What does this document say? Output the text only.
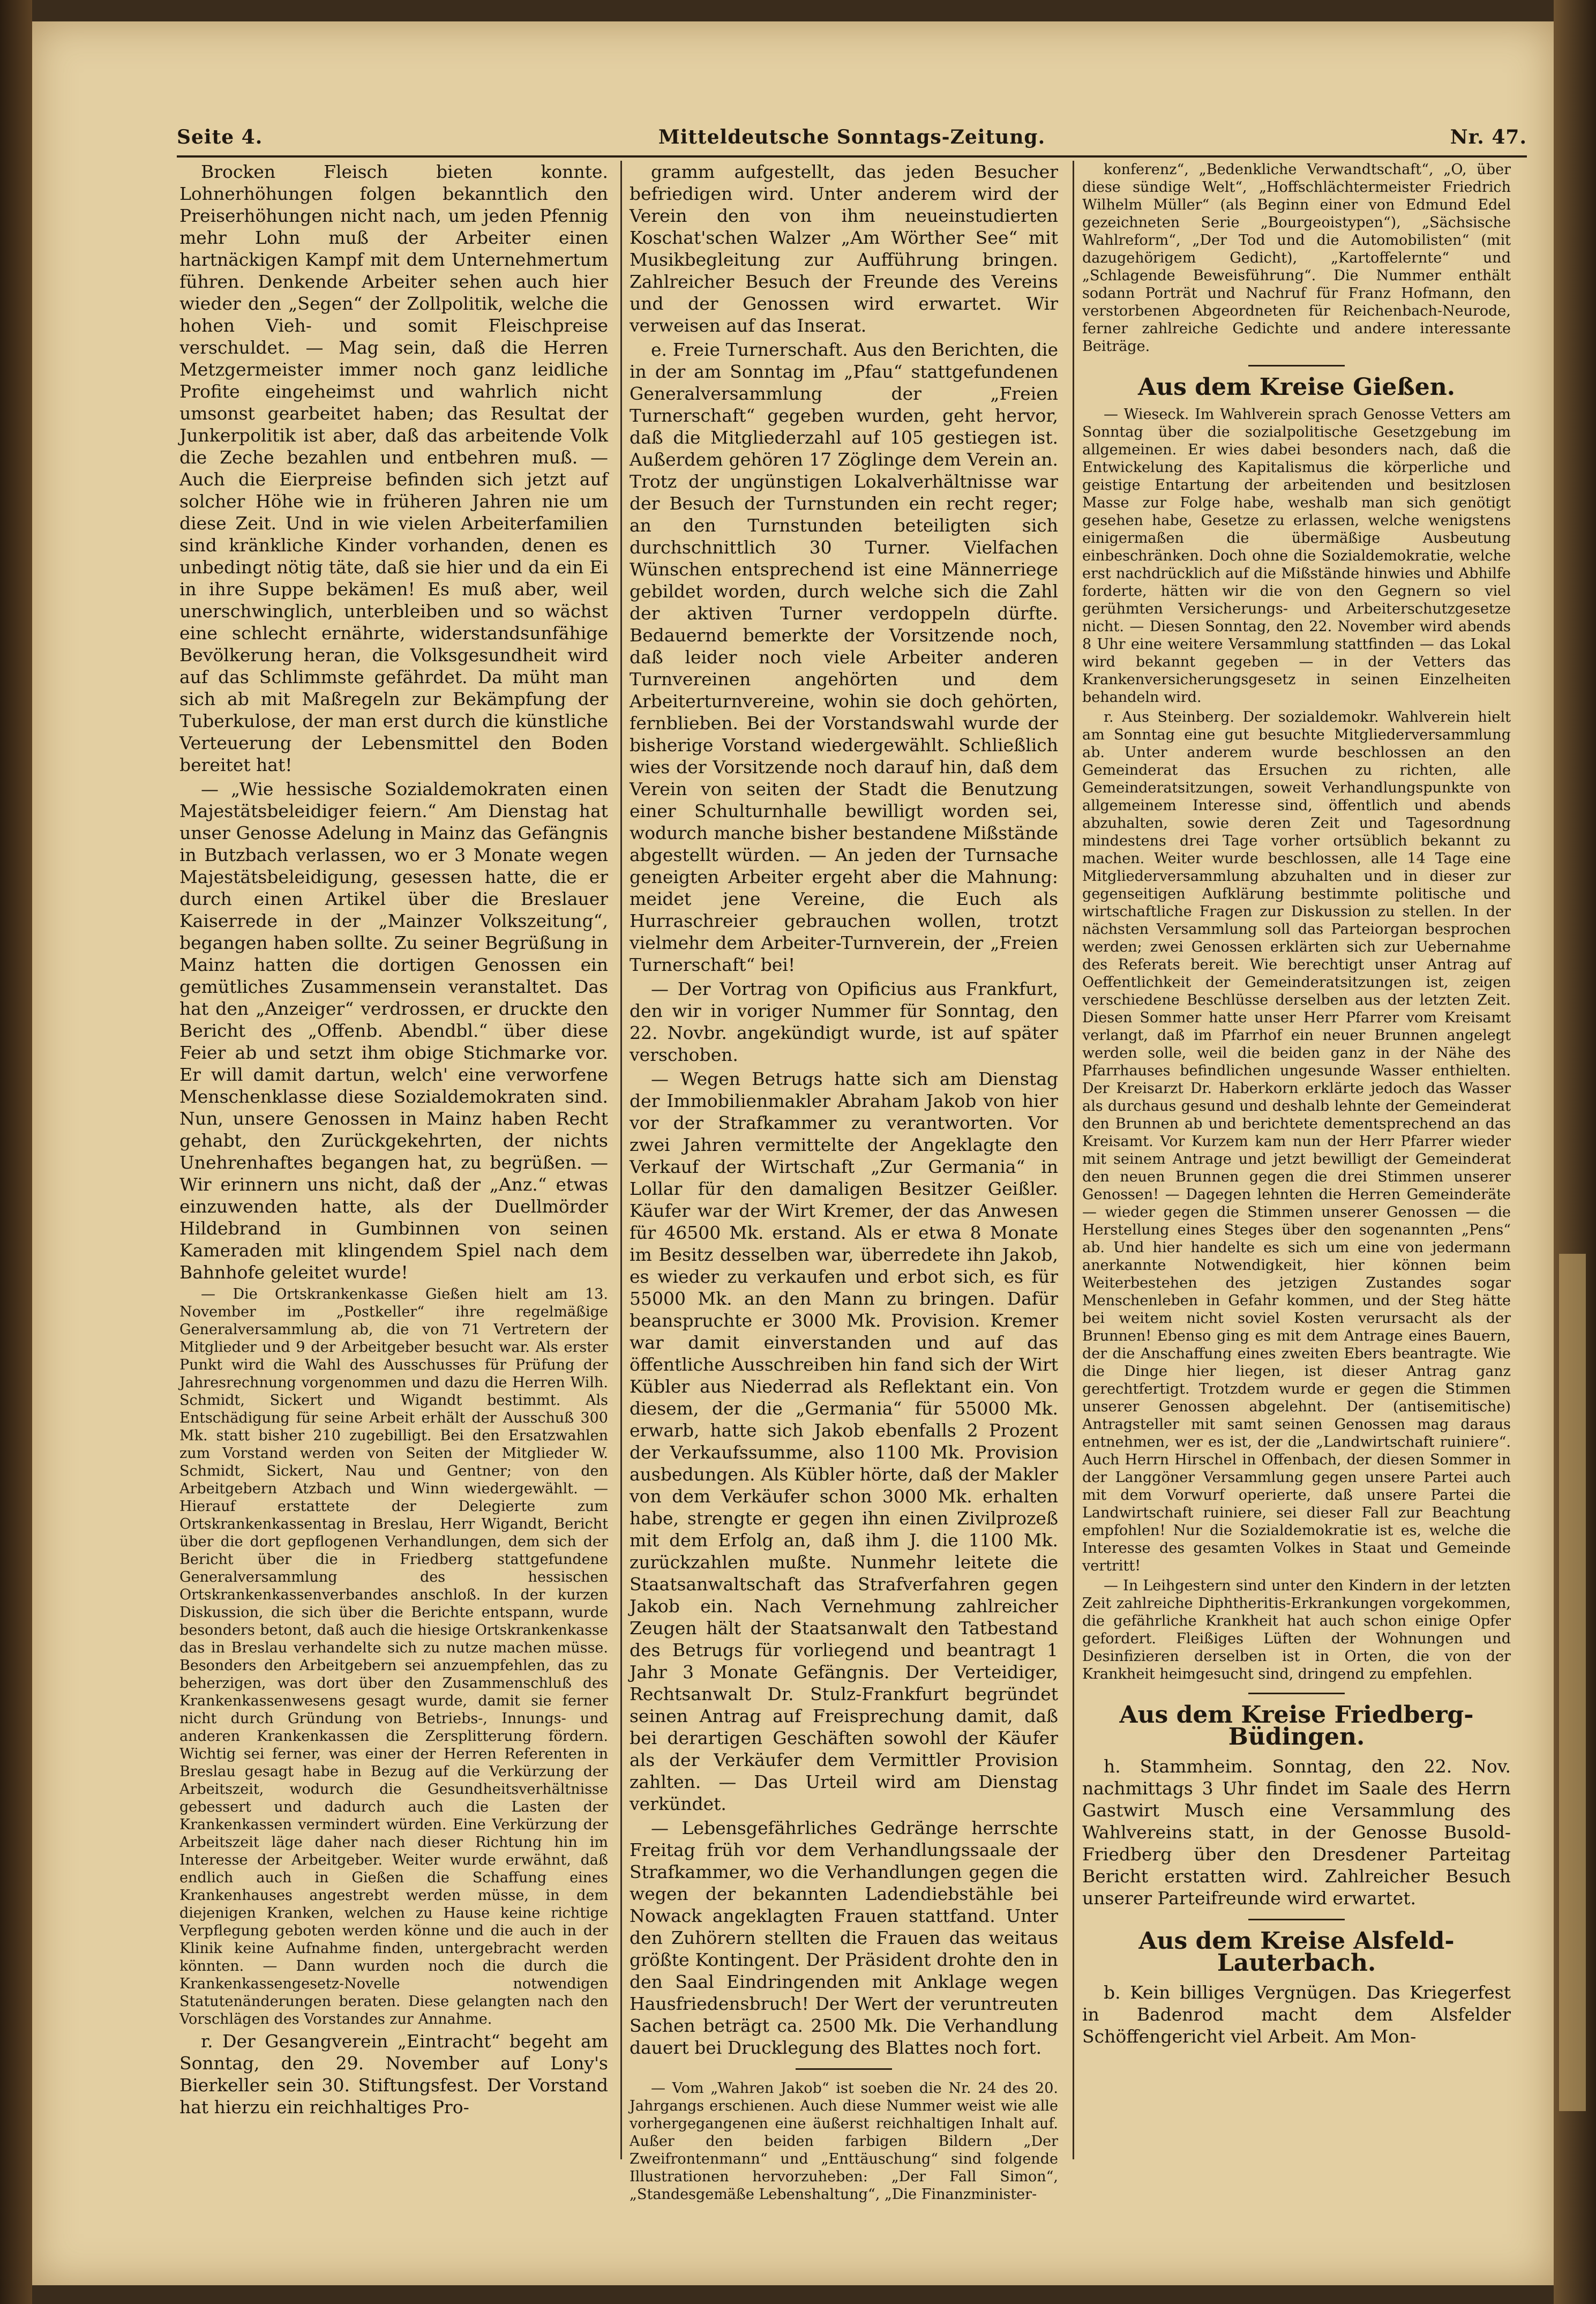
Seite 4.	Mitteldeutsche Sonntags-Zeitung.	Nr. 47.

Brocken Fleisch bieten konnte. Lohnerhöhungen folgen bekanntlich den Preiserhöhungen nicht nach, um jeden Pfennig mehr Lohn muß der Arbeiter einen hartnäckigen Kampf mit dem Unternehmertum führen. Denkende Arbeiter sehen auch hier wieder den „Segen“ der Zollpolitik, welche die hohen Vieh- und somit Fleischpreise verschuldet. — Mag sein, daß die Herren Metzgermeister immer noch ganz leidliche Profite eingeheimst und wahrlich nicht umsonst gearbeitet haben; das Resultat der Junkerpolitik ist aber, daß das arbeitende Volk die Zeche bezahlen und entbehren muß. — Auch die Eierpreise befinden sich jetzt auf solcher Höhe wie in früheren Jahren nie um diese Zeit. Und in wie vielen Arbeiterfamilien sind kränkliche Kinder vorhanden, denen es unbedingt nötig täte, daß sie hier und da ein Ei in ihre Suppe bekämen! Es muß aber, weil unerschwinglich, unterbleiben und so wächst eine schlecht ernährte, widerstandsunfähige Bevölkerung heran, die Volksgesundheit wird auf das Schlimmste gefährdet. Da müht man sich ab mit Maßregeln zur Bekämpfung der Tuberkulose, der man erst durch die künstliche Verteuerung der Lebensmittel den Boden bereitet hat!

— „Wie hessische Sozialdemokraten einen Majestätsbeleidiger feiern.“ Am Dienstag hat unser Genosse Adelung in Mainz das Gefängnis in Butzbach verlassen, wo er 3 Monate wegen Majestätsbeleidigung, gesessen hatte, die er durch einen Artikel über die Breslauer Kaiserrede in der „Mainzer Volkszeitung“, begangen haben sollte. Zu seiner Begrüßung in Mainz hatten die dortigen Genossen ein gemütliches Zusammensein veranstaltet. Das hat den „Anzeiger“ verdrossen, er druckte den Bericht des „Offenb. Abendbl.“ über diese Feier ab und setzt ihm obige Stichmarke vor. Er will damit dartun, welch' eine verworfene Menschenklasse diese Sozialdemokraten sind. Nun, unsere Genossen in Mainz haben Recht gehabt, den Zurückgekehrten, der nichts Unehrenhaftes begangen hat, zu begrüßen. — Wir erinnern uns nicht, daß der „Anz.“ etwas einzuwenden hatte, als der Duellmörder Hildebrand in Gumbinnen von seinen Kameraden mit klingendem Spiel nach dem Bahnhofe geleitet wurde!

— Die Ortskrankenkasse Gießen hielt am 13. November im „Postkeller“ ihre regelmäßige Generalversammlung ab, die von 71 Vertretern der Mitglieder und 9 der Arbeitgeber besucht war. Als erster Punkt wird die Wahl des Ausschusses für Prüfung der Jahresrechnung vorgenommen und dazu die Herren Wilh. Schmidt, Sickert und Wigandt bestimmt. Als Entschädigung für seine Arbeit erhält der Ausschuß 300 Mk. statt bisher 210 zugebilligt. Bei den Ersatzwahlen zum Vorstand werden von Seiten der Mitglieder W. Schmidt, Sickert, Nau und Gentner; von den Arbeitgebern Atzbach und Winn wiedergewählt. — Hierauf erstattete der Delegierte zum Ortskrankenkassentag in Breslau, Herr Wigandt, Bericht über die dort gepflogenen Verhandlungen, dem sich der Bericht über die in Friedberg stattgefundene Generalversammlung des hessischen Ortskrankenkassenverbandes anschloß. In der kurzen Diskussion, die sich über die Berichte entspann, wurde besonders betont, daß auch die hiesige Ortskrankenkasse das in Breslau verhandelte sich zu nutze machen müsse. Besonders den Arbeitgebern sei anzuempfehlen, das zu beherzigen, was dort über den Zusammenschluß des Krankenkassenwesens gesagt wurde, damit sie ferner nicht durch Gründung von Betriebs-, Innungs- und anderen Krankenkassen die Zersplitterung fördern. Wichtig sei ferner, was einer der Herren Referenten in Breslau gesagt habe in Bezug auf die Verkürzung der Arbeitszeit, wodurch die Gesundheitsverhältnisse gebessert und dadurch auch die Lasten der Krankenkassen vermindert würden. Eine Verkürzung der Arbeitszeit läge daher nach dieser Richtung hin im Interesse der Arbeitgeber. Weiter wurde erwähnt, daß endlich auch in Gießen die Schaffung eines Krankenhauses angestrebt werden müsse, in dem diejenigen Kranken, welchen zu Hause keine richtige Verpflegung geboten werden könne und die auch in der Klinik keine Aufnahme finden, untergebracht werden könnten. — Dann wurden noch die durch die Krankenkassengesetz-Novelle notwendigen Statutenänderungen beraten. Diese gelangten nach den Vorschlägen des Vorstandes zur Annahme.

r. Der Gesangverein „Eintracht“ begeht am Sonntag, den 29. November auf Lony's Bierkeller sein 30. Stiftungsfest. Der Vorstand hat hierzu ein reichhaltiges Pro-

gramm aufgestellt, das jeden Besucher befriedigen wird. Unter anderem wird der Verein den von ihm neueinstudierten Koschat'schen Walzer „Am Wörther See“ mit Musikbegleitung zur Aufführung bringen. Zahlreicher Besuch der Freunde des Vereins und der Genossen wird erwartet. Wir verweisen auf das Inserat.

e. Freie Turnerschaft. Aus den Berichten, die in der am Sonntag im „Pfau“ stattgefundenen Generalversammlung der „Freien Turnerschaft“ gegeben wurden, geht hervor, daß die Mitgliederzahl auf 105 gestiegen ist. Außerdem gehören 17 Zöglinge dem Verein an. Trotz der ungünstigen Lokalverhältnisse war der Besuch der Turnstunden ein recht reger; an den Turnstunden beteiligten sich durchschnittlich 30 Turner. Vielfachen Wünschen entsprechend ist eine Männerriege gebildet worden, durch welche sich die Zahl der aktiven Turner verdoppeln dürfte. Bedauernd bemerkte der Vorsitzende noch, daß leider noch viele Arbeiter anderen Turnvereinen angehörten und dem Arbeiterturnvereine, wohin sie doch gehörten, fernblieben. Bei der Vorstandswahl wurde der bisherige Vorstand wiedergewählt. Schließlich wies der Vorsitzende noch darauf hin, daß dem Verein von seiten der Stadt die Benutzung einer Schulturnhalle bewilligt worden sei, wodurch manche bisher bestandene Mißstände abgestellt würden. — An jeden der Turnsache geneigten Arbeiter ergeht aber die Mahnung: meidet jene Vereine, die Euch als Hurraschreier gebrauchen wollen, trotzt vielmehr dem Arbeiter-Turnverein, der „Freien Turnerschaft“ bei!

— Der Vortrag von Opificius aus Frankfurt, den wir in voriger Nummer für Sonntag, den 22. Novbr. angekündigt wurde, ist auf später verschoben.

— Wegen Betrugs hatte sich am Dienstag der Immobilienmakler Abraham Jakob von hier vor der Strafkammer zu verantworten. Vor zwei Jahren vermittelte der Angeklagte den Verkauf der Wirtschaft „Zur Germania“ in Lollar für den damaligen Besitzer Geißler. Käufer war der Wirt Kremer, der das Anwesen für 46500 Mk. erstand. Als er etwa 8 Monate im Besitz desselben war, überredete ihn Jakob, es wieder zu verkaufen und erbot sich, es für 55000 Mk. an den Mann zu bringen. Dafür beanspruchte er 3000 Mk. Provision. Kremer war damit einverstanden und auf das öffentliche Ausschreiben hin fand sich der Wirt Kübler aus Niederrad als Reflektant ein. Von diesem, der die „Germania“ für 55000 Mk. erwarb, hatte sich Jakob ebenfalls 2 Prozent der Verkaufssumme, also 1100 Mk. Provision ausbedungen. Als Kübler hörte, daß der Makler von dem Verkäufer schon 3000 Mk. erhalten habe, strengte er gegen ihn einen Zivilprozeß mit dem Erfolg an, daß ihm J. die 1100 Mk. zurückzahlen mußte. Nunmehr leitete die Staatsanwaltschaft das Strafverfahren gegen Jakob ein. Nach Vernehmung zahlreicher Zeugen hält der Staatsanwalt den Tatbestand des Betrugs für vorliegend und beantragt 1 Jahr 3 Monate Gefängnis. Der Verteidiger, Rechtsanwalt Dr. Stulz-Frankfurt begründet seinen Antrag auf Freisprechung damit, daß bei derartigen Geschäften sowohl der Käufer als der Verkäufer dem Vermittler Provision zahlten. — Das Urteil wird am Dienstag verkündet.

— Lebensgefährliches Gedränge herrschte Freitag früh vor dem Verhandlungssaale der Strafkammer, wo die Verhandlungen gegen die wegen der bekannten Ladendiebstähle bei Nowack angeklagten Frauen stattfand. Unter den Zuhörern stellten die Frauen das weitaus größte Kontingent. Der Präsident drohte den in den Saal Eindringenden mit Anklage wegen Hausfriedensbruch! Der Wert der veruntreuten Sachen beträgt ca. 2500 Mk. Die Verhandlung dauert bei Drucklegung des Blattes noch fort.

— Vom „Wahren Jakob“ ist soeben die Nr. 24 des 20. Jahrgangs erschienen. Auch diese Nummer weist wie alle vorhergegangenen eine äußerst reichhaltigen Inhalt auf. Außer den beiden farbigen Bildern „Der Zweifrontenmann“ und „Enttäuschung“ sind folgende Illustrationen hervorzuheben: „Der Fall Simon“, „Standesgemäße Lebenshaltung“, „Die Finanzminister-

konferenz“, „Bedenkliche Verwandtschaft“, „O, über diese sündige Welt“, „Hoffschlächtermeister Friedrich Wilhelm Müller“ (als Beginn einer von Edmund Edel gezeichneten Serie „Bourgeoistypen“), „Sächsische Wahlreform“, „Der Tod und die Automobilisten“ (mit dazugehörigem Gedicht), „Kartoffelernte“ und „Schlagende Beweisführung“. Die Nummer enthält sodann Porträt und Nachruf für Franz Hofmann, den verstorbenen Abgeordneten für Reichenbach-Neurode, ferner zahlreiche Gedichte und andere interessante Beiträge.

Aus dem Kreise Gießen.

— Wieseck. Im Wahlverein sprach Genosse Vetters am Sonntag über die sozialpolitische Gesetzgebung im allgemeinen. Er wies dabei besonders nach, daß die Entwickelung des Kapitalismus die körperliche und geistige Entartung der arbeitenden und besitzlosen Masse zur Folge habe, weshalb man sich genötigt gesehen habe, Gesetze zu erlassen, welche wenigstens einigermaßen die übermäßige Ausbeutung einbeschränken. Doch ohne die Sozialdemokratie, welche erst nachdrücklich auf die Mißstände hinwies und Abhilfe forderte, hätten wir die von den Gegnern so viel gerühmten Versicherungs- und Arbeiterschutzgesetze nicht. — Diesen Sonntag, den 22. November wird abends 8 Uhr eine weitere Versammlung stattfinden — das Lokal wird bekannt gegeben — in der Vetters das Krankenversicherungsgesetz in seinen Einzelheiten behandeln wird.

r. Aus Steinberg. Der sozialdemokr. Wahlverein hielt am Sonntag eine gut besuchte Mitgliederversammlung ab. Unter anderem wurde beschlossen an den Gemeinderat das Ersuchen zu richten, alle Gemeinderatsitzungen, soweit Verhandlungspunkte von allgemeinem Interesse sind, öffentlich und abends abzuhalten, sowie deren Zeit und Tagesordnung mindestens drei Tage vorher ortsüblich bekannt zu machen. Weiter wurde beschlossen, alle 14 Tage eine Mitgliederversammlung abzuhalten und in dieser zur gegenseitigen Aufklärung bestimmte politische und wirtschaftliche Fragen zur Diskussion zu stellen. In der nächsten Versammlung soll das Parteiorgan besprochen werden; zwei Genossen erklärten sich zur Uebernahme des Referats bereit. Wie berechtigt unser Antrag auf Oeffentlichkeit der Gemeinderatsitzungen ist, zeigen verschiedene Beschlüsse derselben aus der letzten Zeit. Diesen Sommer hatte unser Herr Pfarrer vom Kreisamt verlangt, daß im Pfarrhof ein neuer Brunnen angelegt werden solle, weil die beiden ganz in der Nähe des Pfarrhauses befindlichen ungesunde Wasser enthielten. Der Kreisarzt Dr. Haberkorn erklärte jedoch das Wasser als durchaus gesund und deshalb lehnte der Gemeinderat den Brunnen ab und berichtete dementsprechend an das Kreisamt. Vor Kurzem kam nun der Herr Pfarrer wieder mit seinem Antrage und jetzt bewilligt der Gemeinderat den neuen Brunnen gegen die drei Stimmen unserer Genossen! — Dagegen lehnten die Herren Gemeinderäte — wieder gegen die Stimmen unserer Genossen — die Herstellung eines Steges über den sogenannten „Pens“ ab. Und hier handelte es sich um eine von jedermann anerkannte Notwendigkeit, hier können beim Weiterbestehen des jetzigen Zustandes sogar Menschenleben in Gefahr kommen, und der Steg hätte bei weitem nicht soviel Kosten verursacht als der Brunnen! Ebenso ging es mit dem Antrage eines Bauern, der die Anschaffung eines zweiten Ebers beantragte. Wie die Dinge hier liegen, ist dieser Antrag ganz gerechtfertigt. Trotzdem wurde er gegen die Stimmen unserer Genossen abgelehnt. Der (antisemitische) Antragsteller mit samt seinen Genossen mag daraus entnehmen, wer es ist, der die „Landwirtschaft ruiniere“. Auch Herrn Hirschel in Offenbach, der diesen Sommer in der Langgöner Versammlung gegen unsere Partei auch mit dem Vorwurf operierte, daß unsere Partei die Landwirtschaft ruiniere, sei dieser Fall zur Beachtung empfohlen! Nur die Sozialdemokratie ist es, welche die Interesse des gesamten Volkes in Staat und Gemeinde vertritt!

— In Leihgestern sind unter den Kindern in der letzten Zeit zahlreiche Diphtheritis-Erkrankungen vorgekommen, die gefährliche Krankheit hat auch schon einige Opfer gefordert. Fleißiges Lüften der Wohnungen und Desinfizieren derselben ist in Orten, die von der Krankheit heimgesucht sind, dringend zu empfehlen.

Aus dem Kreise Friedberg-Büdingen.

h. Stammheim. Sonntag, den 22. Nov. nachmittags 3 Uhr findet im Saale des Herrn Gastwirt Musch eine Versammlung des Wahlvereins statt, in der Genosse Busold-Friedberg über den Dresdener Parteitag Bericht erstatten wird. Zahlreicher Besuch unserer Parteifreunde wird erwartet.

Aus dem Kreise Alsfeld-Lauterbach.

b. Kein billiges Vergnügen. Das Kriegerfest in Badenrod macht dem Alsfelder Schöffengericht viel Arbeit. Am Mon-
